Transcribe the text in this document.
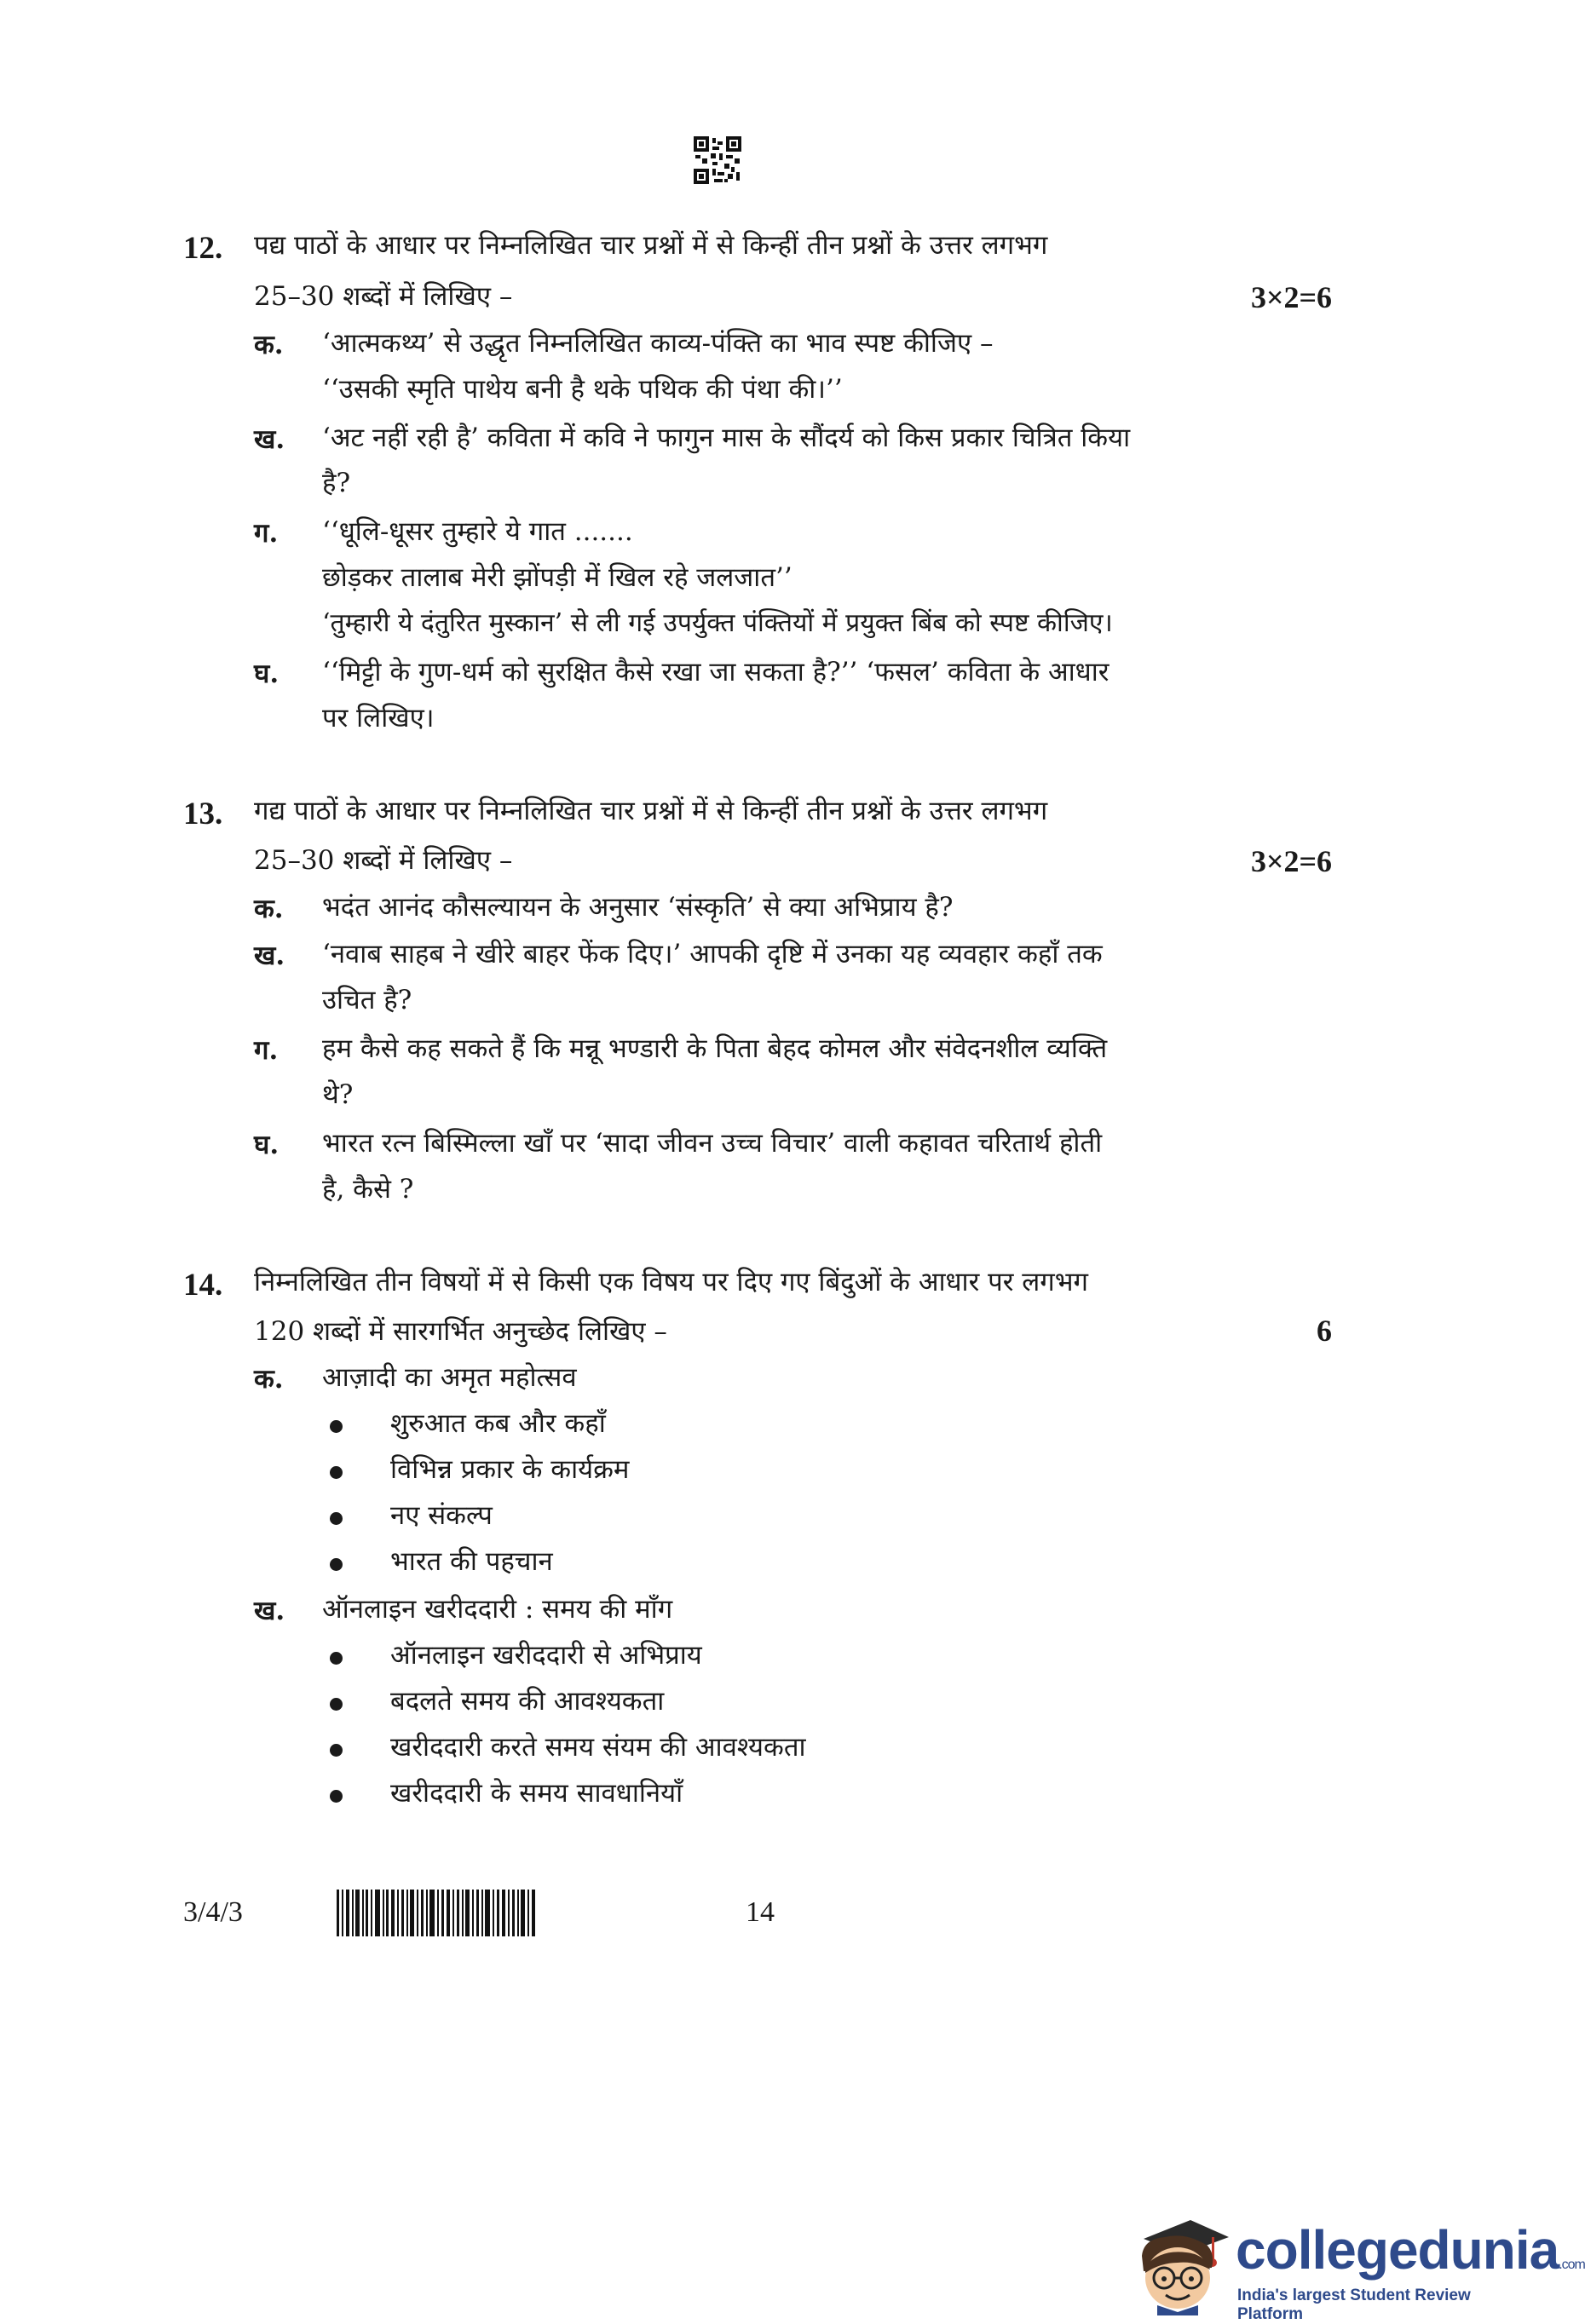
12. पद्य पाठों के आधार पर निम्नलिखित चार प्रश्नों में से किन्हीं तीन प्रश्नों के उत्तर लगभग
25–30 शब्दों में लिखिए –	3×2=6
क. ‘आत्मकथ्य’ से उद्धृत निम्नलिखित काव्य-पंक्ति का भाव स्पष्ट कीजिए –
‘‘उसकी स्मृति पाथेय बनी है थके पथिक की पंथा की।’’
ख. ‘अट नहीं रही है’ कविता में कवि ने फागुन मास के सौंदर्य को किस प्रकार चित्रित किया
है?
ग. ‘‘धूलि-धूसर तुम्हारे ये गात .......
छोड़कर तालाब मेरी झोंपड़ी में खिल रहे जलजात’’
‘तुम्हारी ये दंतुरित मुस्कान’ से ली गई उपर्युक्त पंक्तियों में प्रयुक्त बिंब को स्पष्ट कीजिए।
घ. ‘‘मिट्टी के गुण-धर्म को सुरक्षित कैसे रखा जा सकता है?’’ ‘फसल’ कविता के आधार
पर लिखिए।
13. गद्य पाठों के आधार पर निम्नलिखित चार प्रश्नों में से किन्हीं तीन प्रश्नों के उत्तर लगभग
25–30 शब्दों में लिखिए –	3×2=6
क. भदंत आनंद कौसल्यायन के अनुसार ‘संस्कृति’ से क्या अभिप्राय है?
ख. ‘नवाब साहब ने खीरे बाहर फेंक दिए।’ आपकी दृष्टि में उनका यह व्यवहार कहाँ तक
उचित है?
ग. हम कैसे कह सकते हैं कि मन्नू भण्डारी के पिता बेहद कोमल और संवेदनशील व्यक्ति
थे?
घ. भारत रत्न बिस्मिल्ला खाँ पर ‘सादा जीवन उच्च विचार’ वाली कहावत चरितार्थ होती
है, कैसे ?
14. निम्नलिखित तीन विषयों में से किसी एक विषय पर दिए गए बिंदुओं के आधार पर लगभग
120 शब्दों में सारगर्भित अनुच्छेद लिखिए –	6
क. आज़ादी का अमृत महोत्सव
शुरुआत कब और कहाँ
विभिन्न प्रकार के कार्यक्रम
नए संकल्प
भारत की पहचान
ख. ऑनलाइन खरीददारी : समय की माँग
ऑनलाइन खरीददारी से अभिप्राय
बदलते समय की आवश्यकता
खरीददारी करते समय संयम की आवश्यकता
खरीददारी के समय सावधानियाँ
3/4/3	14
collegedunia.com
India's largest Student Review Platform
